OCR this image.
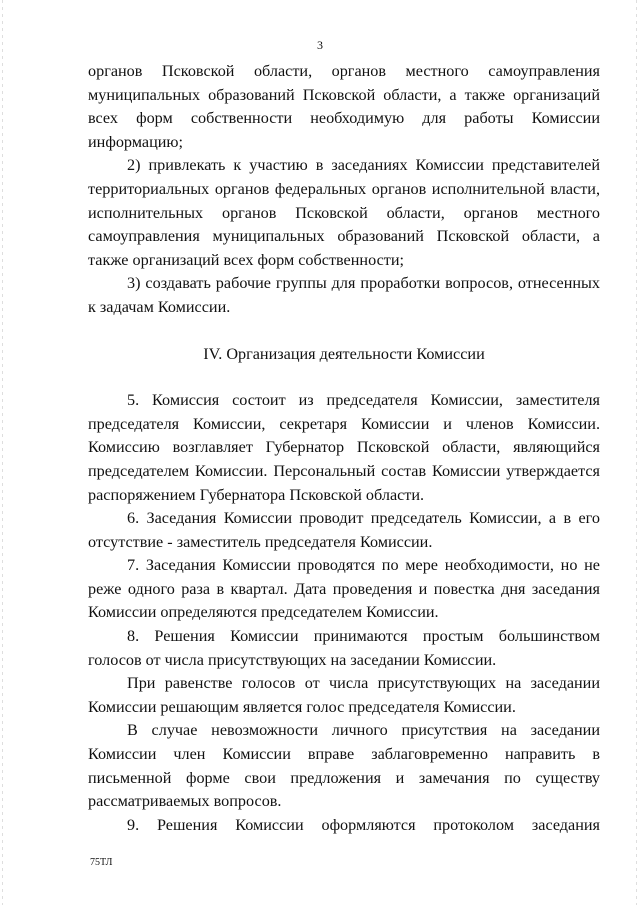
3

органов Псковской области, органов местного самоуправления муниципальных образований Псковской области, а также организаций всех форм собственности необходимую для работы Комиссии информацию;

2) привлекать к участию в заседаниях Комиссии представителей территориальных органов федеральных органов исполнительной власти, исполнительных органов Псковской области, органов местного самоуправления муниципальных образований Псковской области, а также организаций всех форм собственности;

3) создавать рабочие группы для проработки вопросов, отнесенных к задачам Комиссии.

IV. Организация деятельности Комиссии

5. Комиссия состоит из председателя Комиссии, заместителя председателя Комиссии, секретаря Комиссии и членов Комиссии. Комиссию возглавляет Губернатор Псковской области, являющийся председателем Комиссии. Персональный состав Комиссии утверждается распоряжением Губернатора Псковской области.

6. Заседания Комиссии проводит председатель Комиссии, а в его отсутствие - заместитель председателя Комиссии.

7. Заседания Комиссии проводятся по мере необходимости, но не реже одного раза в квартал. Дата проведения и повестка дня заседания Комиссии определяются председателем Комиссии.

8. Решения Комиссии принимаются простым большинством голосов от числа присутствующих на заседании Комиссии.

При равенстве голосов от числа присутствующих на заседании Комиссии решающим является голос председателя Комиссии.

В случае невозможности личного присутствия на заседании Комиссии член Комиссии вправе заблаговременно направить в письменной форме свои предложения и замечания по существу рассматриваемых вопросов.

9. Решения Комиссии оформляются протоколом заседания

75ТЛ
